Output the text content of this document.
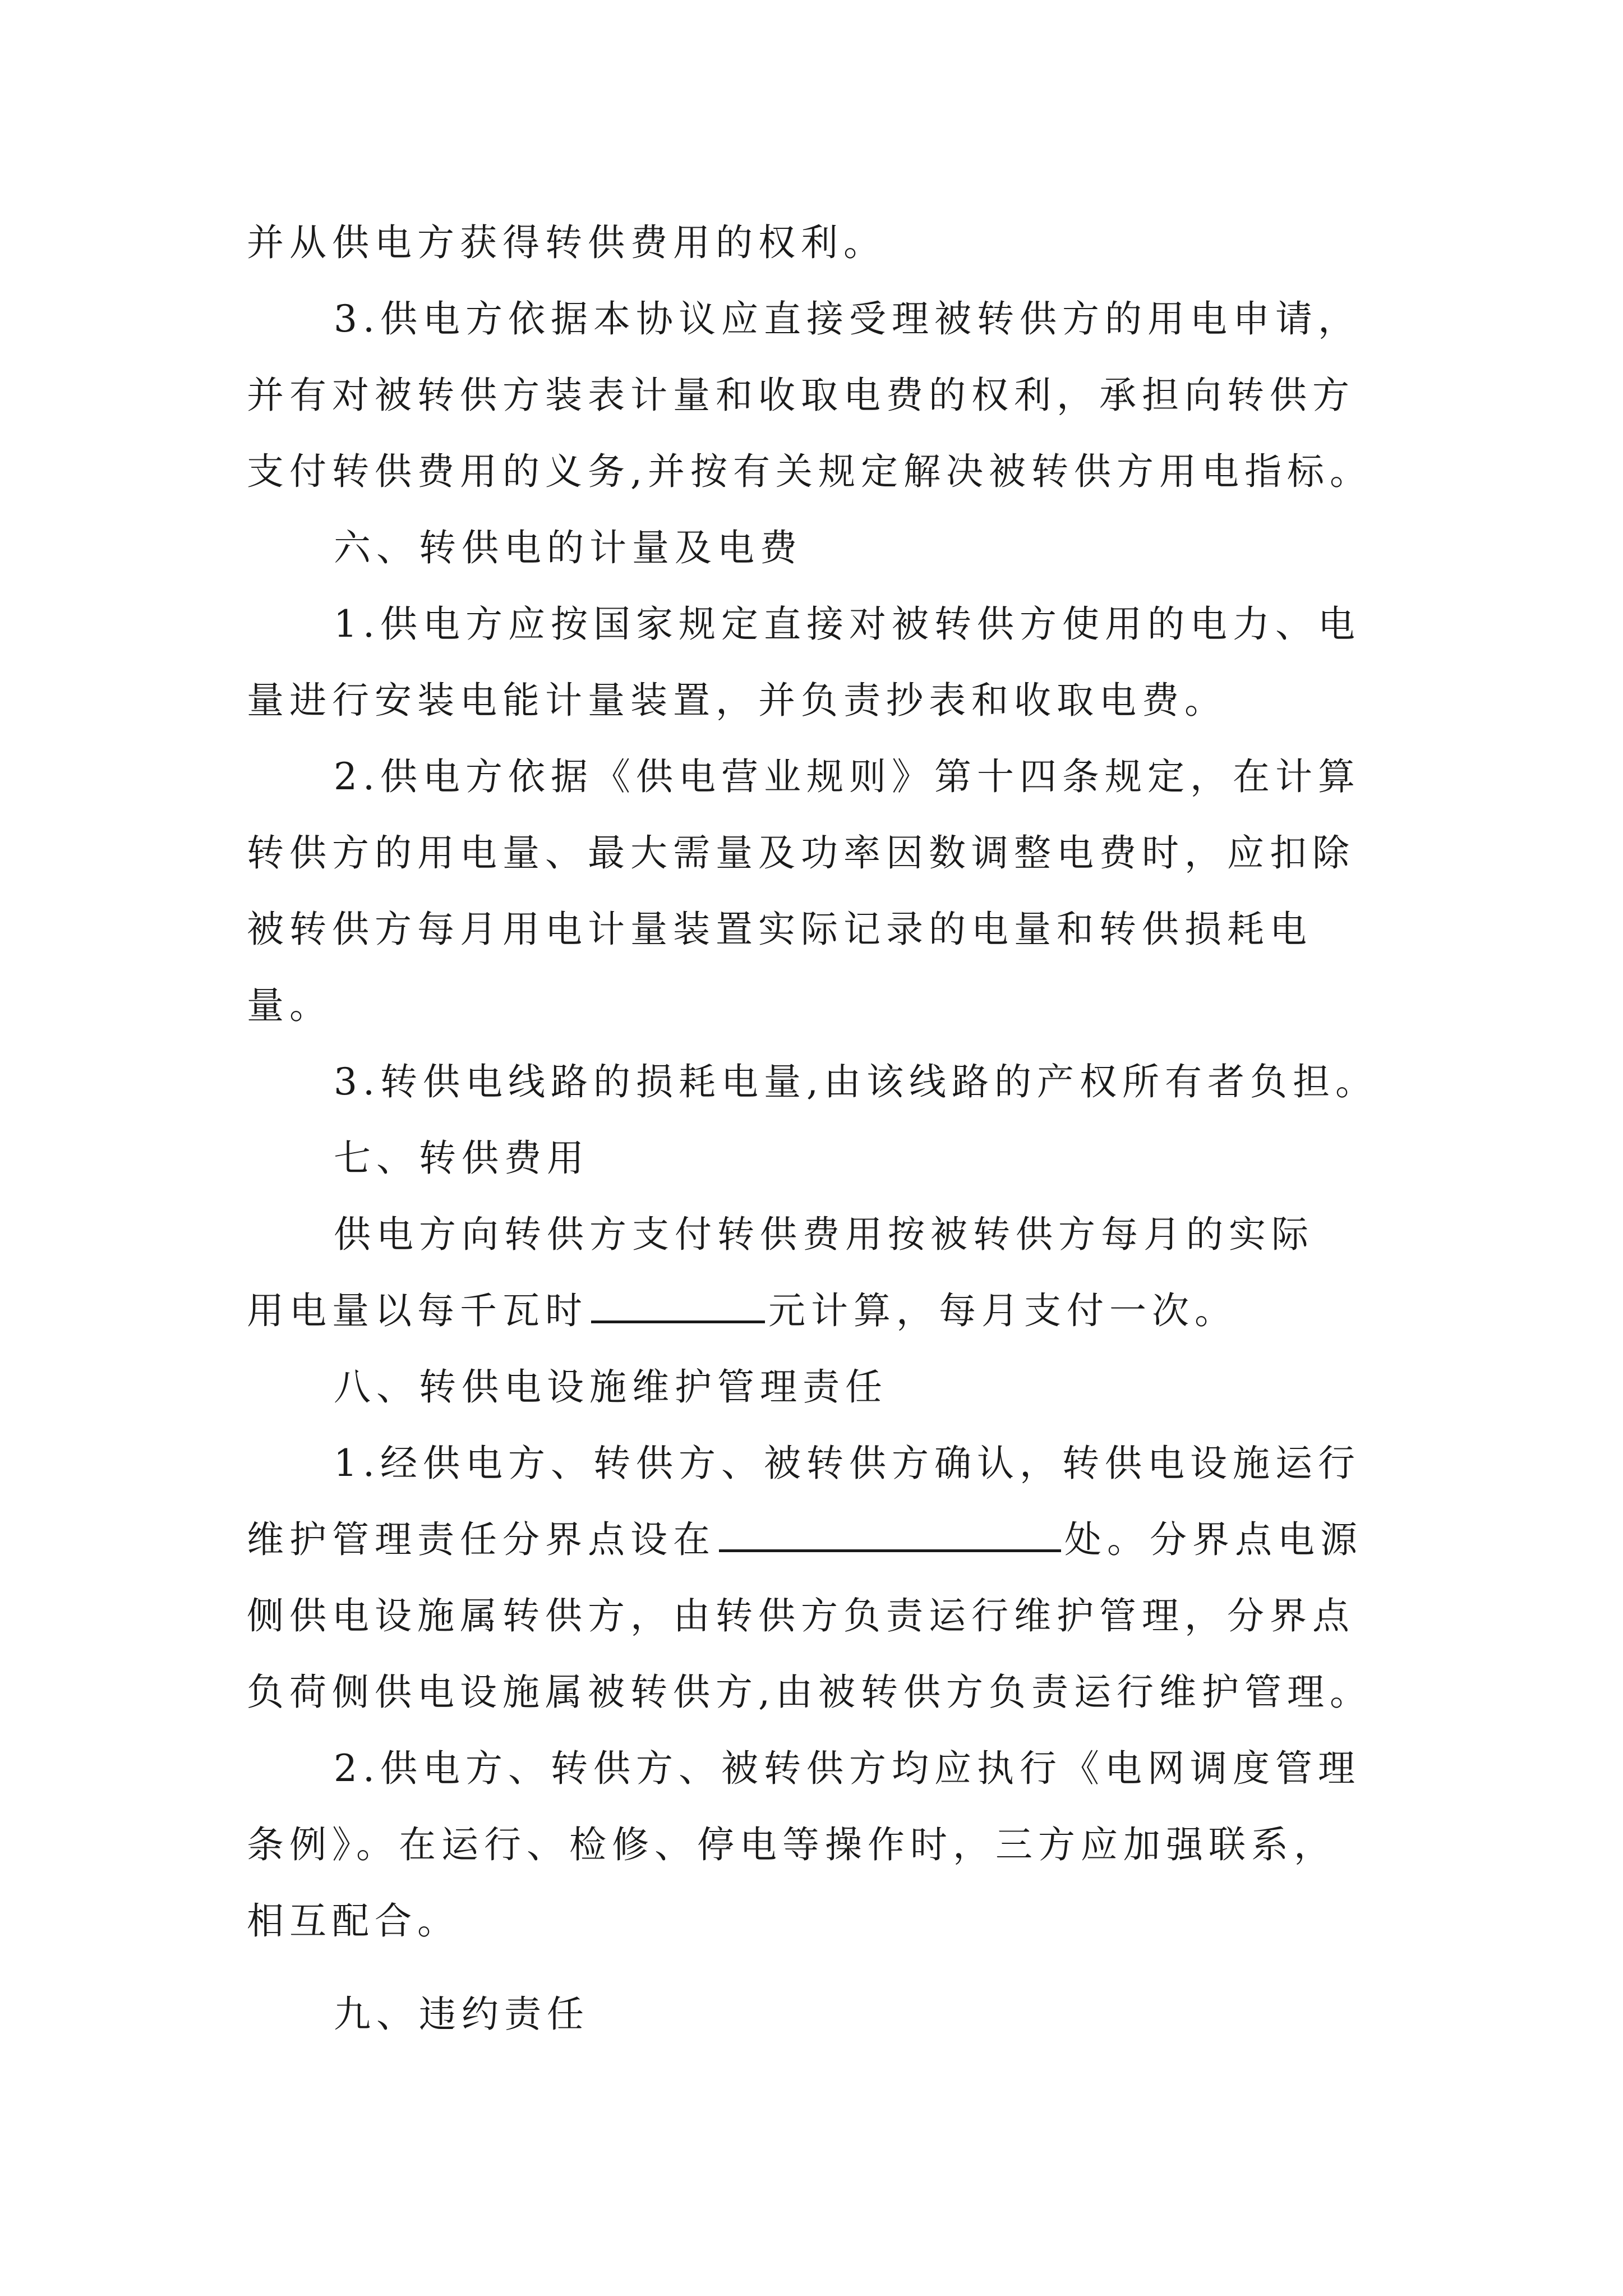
并从供电方获得转供费用的权利。
3.供电方依据本协议应直接受理被转供方的用电申请，
并有对被转供方装表计量和收取电费的权利，承担向转供方
支付转供费用的义务,并按有关规定解决被转供方用电指标。
六、转供电的计量及电费
1.供电方应按国家规定直接对被转供方使用的电力、电
量进行安装电能计量装置，并负责抄表和收取电费。
2.供电方依据《供电营业规则》第十四条规定，在计算
转供方的用电量、最大需量及功率因数调整电费时，应扣除
被转供方每月用电计量装置实际记录的电量和转供损耗电
量。
3.转供电线路的损耗电量,由该线路的产权所有者负担。
七、转供费用
供电方向转供方支付转供费用按被转供方每月的实际
用电量以每千瓦时	元计算，每月支付一次。
八、转供电设施维护管理责任
1.经供电方、转供方、被转供方确认，转供电设施运行
维护管理责任分界点设在	处。分界点电源
侧供电设施属转供方，由转供方负责运行维护管理，分界点
负荷侧供电设施属被转供方,由被转供方负责运行维护管理。
2.供电方、转供方、被转供方均应执行《电网调度管理
条例》。在运行、检修、停电等操作时，三方应加强联系，
相互配合。
九、违约责任
